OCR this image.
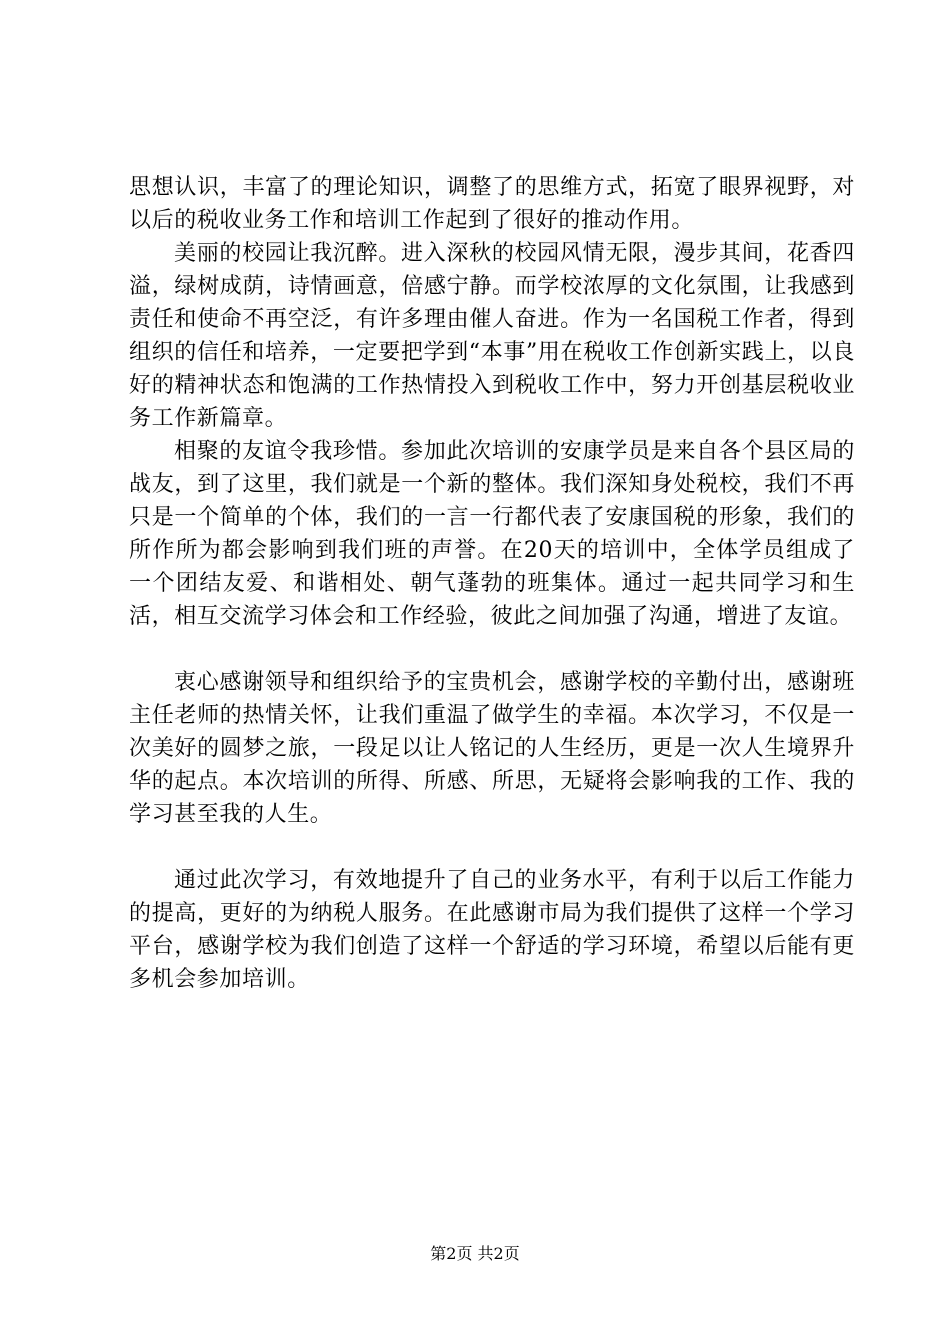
思想认识，丰富了的理论知识，调整了的思维方式，拓宽了眼界视野，对以后的税收业务工作和培训工作起到了很好的推动作用。

美丽的校园让我沉醉。进入深秋的校园风情无限，漫步其间，花香四溢，绿树成荫，诗情画意，倍感宁静。而学校浓厚的文化氛围，让我感到责任和使命不再空泛，有许多理由催人奋进。作为一名国税工作者，得到组织的信任和培养，一定要把学到“本事”用在税收工作创新实践上，以良好的精神状态和饱满的工作热情投入到税收工作中，努力开创基层税收业务工作新篇章。

相聚的友谊令我珍惜。参加此次培训的安康学员是来自各个县区局的战友，到了这里，我们就是一个新的整体。我们深知身处税校，我们不再只是一个简单的个体，我们的一言一行都代表了安康国税的形象，我们的所作所为都会影响到我们班的声誉。在20天的培训中，全体学员组成了一个团结友爱、和谐相处、朝气蓬勃的班集体。通过一起共同学习和生活，相互交流学习体会和工作经验，彼此之间加强了沟通，增进了友谊。

衷心感谢领导和组织给予的宝贵机会，感谢学校的辛勤付出，感谢班主任老师的热情关怀，让我们重温了做学生的幸福。本次学习，不仅是一次美好的圆梦之旅，一段足以让人铭记的人生经历，更是一次人生境界升华的起点。本次培训的所得、所感、所思，无疑将会影响我的工作、我的学习甚至我的人生。

通过此次学习，有效地提升了自己的业务水平，有利于以后工作能力的提高，更好的为纳税人服务。在此感谢市局为我们提供了这样一个学习平台，感谢学校为我们创造了这样一个舒适的学习环境，希望以后能有更多机会参加培训。

第2页 共2页
